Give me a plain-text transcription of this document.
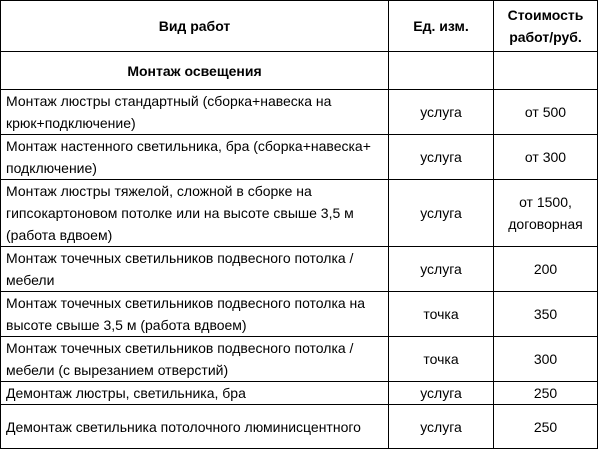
Вид работ	Ед. изм.	Стоимость работ/руб.
Монтаж освещения		
Монтаж люстры стандартный (сборка+навеска на крюк+подключение)	услуга	от 500
Монтаж настенного светильника, бра (сборка+навеска+ подключение)	услуга	от 300
Монтаж люстры тяжелой, сложной в сборке на гипсокартоновом потолке или на высоте свыше 3,5 м (работа вдвоем)	услуга	от 1500, договорная
Монтаж точечных светильников подвесного потолка / мебели	услуга	200
Монтаж точечных светильников подвесного потолка на высоте свыше 3,5 м (работа вдвоем)	точка	350
Монтаж точечных светильников подвесного потолка / мебели (с вырезанием отверстий)	точка	300
Демонтаж люстры, светильника, бра	услуга	250
Демонтаж светильника потолочного люминисцентного	услуга	250
